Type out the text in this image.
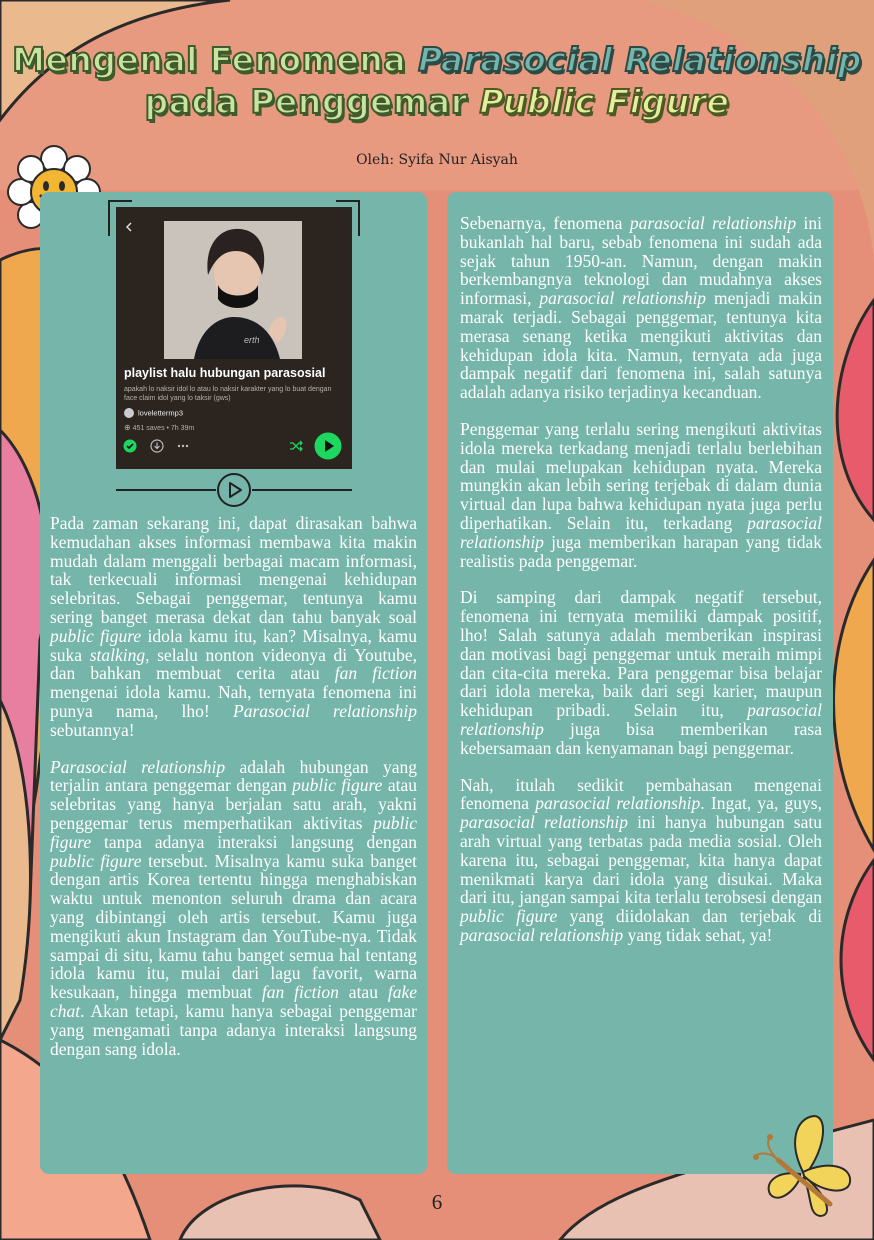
Mengenal Fenomena Parasocial Relationship
pada Penggemar Public Figure
Oleh: Syifa Nur Aisyah
erth
playlist halu hubungan parasosial
apakah lo naksir idol lo atau lo naksir karakter yang lo buat dengan face claim idol yang lo taksir (gws)
lovelettermp3
⊕ 451 saves • 7h 39m

Pada zaman sekarang ini, dapat dirasakan bahwa kemudahan akses informasi membawa kita makin mudah dalam menggali berbagai macam informasi, tak terkecuali informasi mengenai kehidupan selebritas. Sebagai penggemar, tentunya kamu sering banget merasa dekat dan tahu banyak soal public figure idola kamu itu, kan? Misalnya, kamu suka stalking, selalu nonton videonya di Youtube, dan bahkan membuat cerita atau fan fiction mengenai idola kamu. Nah, ternyata fenomena ini punya nama, lho! Parasocial relationship sebutannya!

Parasocial relationship adalah hubungan yang terjalin antara penggemar dengan public figure atau selebritas yang hanya berjalan satu arah, yakni penggemar terus memperhatikan aktivitas public figure tanpa adanya interaksi langsung dengan public figure tersebut. Misalnya kamu suka banget dengan artis Korea tertentu hingga menghabiskan waktu untuk menonton seluruh drama dan acara yang dibintangi oleh artis tersebut. Kamu juga mengikuti akun Instagram dan YouTube-nya. Tidak sampai di situ, kamu tahu banget semua hal tentang idola kamu itu, mulai dari lagu favorit, warna kesukaan, hingga membuat fan fiction atau fake chat. Akan tetapi, kamu hanya sebagai penggemar yang mengamati tanpa adanya interaksi langsung dengan sang idola.

Sebenarnya, fenomena parasocial relationship ini bukanlah hal baru, sebab fenomena ini sudah ada sejak tahun 1950-an. Namun, dengan makin berkembangnya teknologi dan mudahnya akses informasi, parasocial relationship menjadi makin marak terjadi. Sebagai penggemar, tentunya kita merasa senang ketika mengikuti aktivitas dan kehidupan idola kita. Namun, ternyata ada juga dampak negatif dari fenomena ini, salah satunya adalah adanya risiko terjadinya kecanduan.

Penggemar yang terlalu sering mengikuti aktivitas idola mereka terkadang menjadi terlalu berlebihan dan mulai melupakan kehidupan nyata. Mereka mungkin akan lebih sering terjebak di dalam dunia virtual dan lupa bahwa kehidupan nyata juga perlu diperhatikan. Selain itu, terkadang parasocial relationship juga memberikan harapan yang tidak realistis pada penggemar.

Di samping dari dampak negatif tersebut, fenomena ini ternyata memiliki dampak positif, lho! Salah satunya adalah memberikan inspirasi dan motivasi bagi penggemar untuk meraih mimpi dan cita-cita mereka. Para penggemar bisa belajar dari idola mereka, baik dari segi karier, maupun kehidupan pribadi. Selain itu, parasocial relationship juga bisa memberikan rasa kebersamaan dan kenyamanan bagi penggemar.

Nah, itulah sedikit pembahasan mengenai fenomena parasocial relationship. Ingat, ya, guys, parasocial relationship ini hanya hubungan satu arah virtual yang terbatas pada media sosial. Oleh karena itu, sebagai penggemar, kita hanya dapat menikmati karya dari idola yang disukai. Maka dari itu, jangan sampai kita terlalu terobsesi dengan public figure yang diidolakan dan terjebak di parasocial relationship yang tidak sehat, ya!

6
